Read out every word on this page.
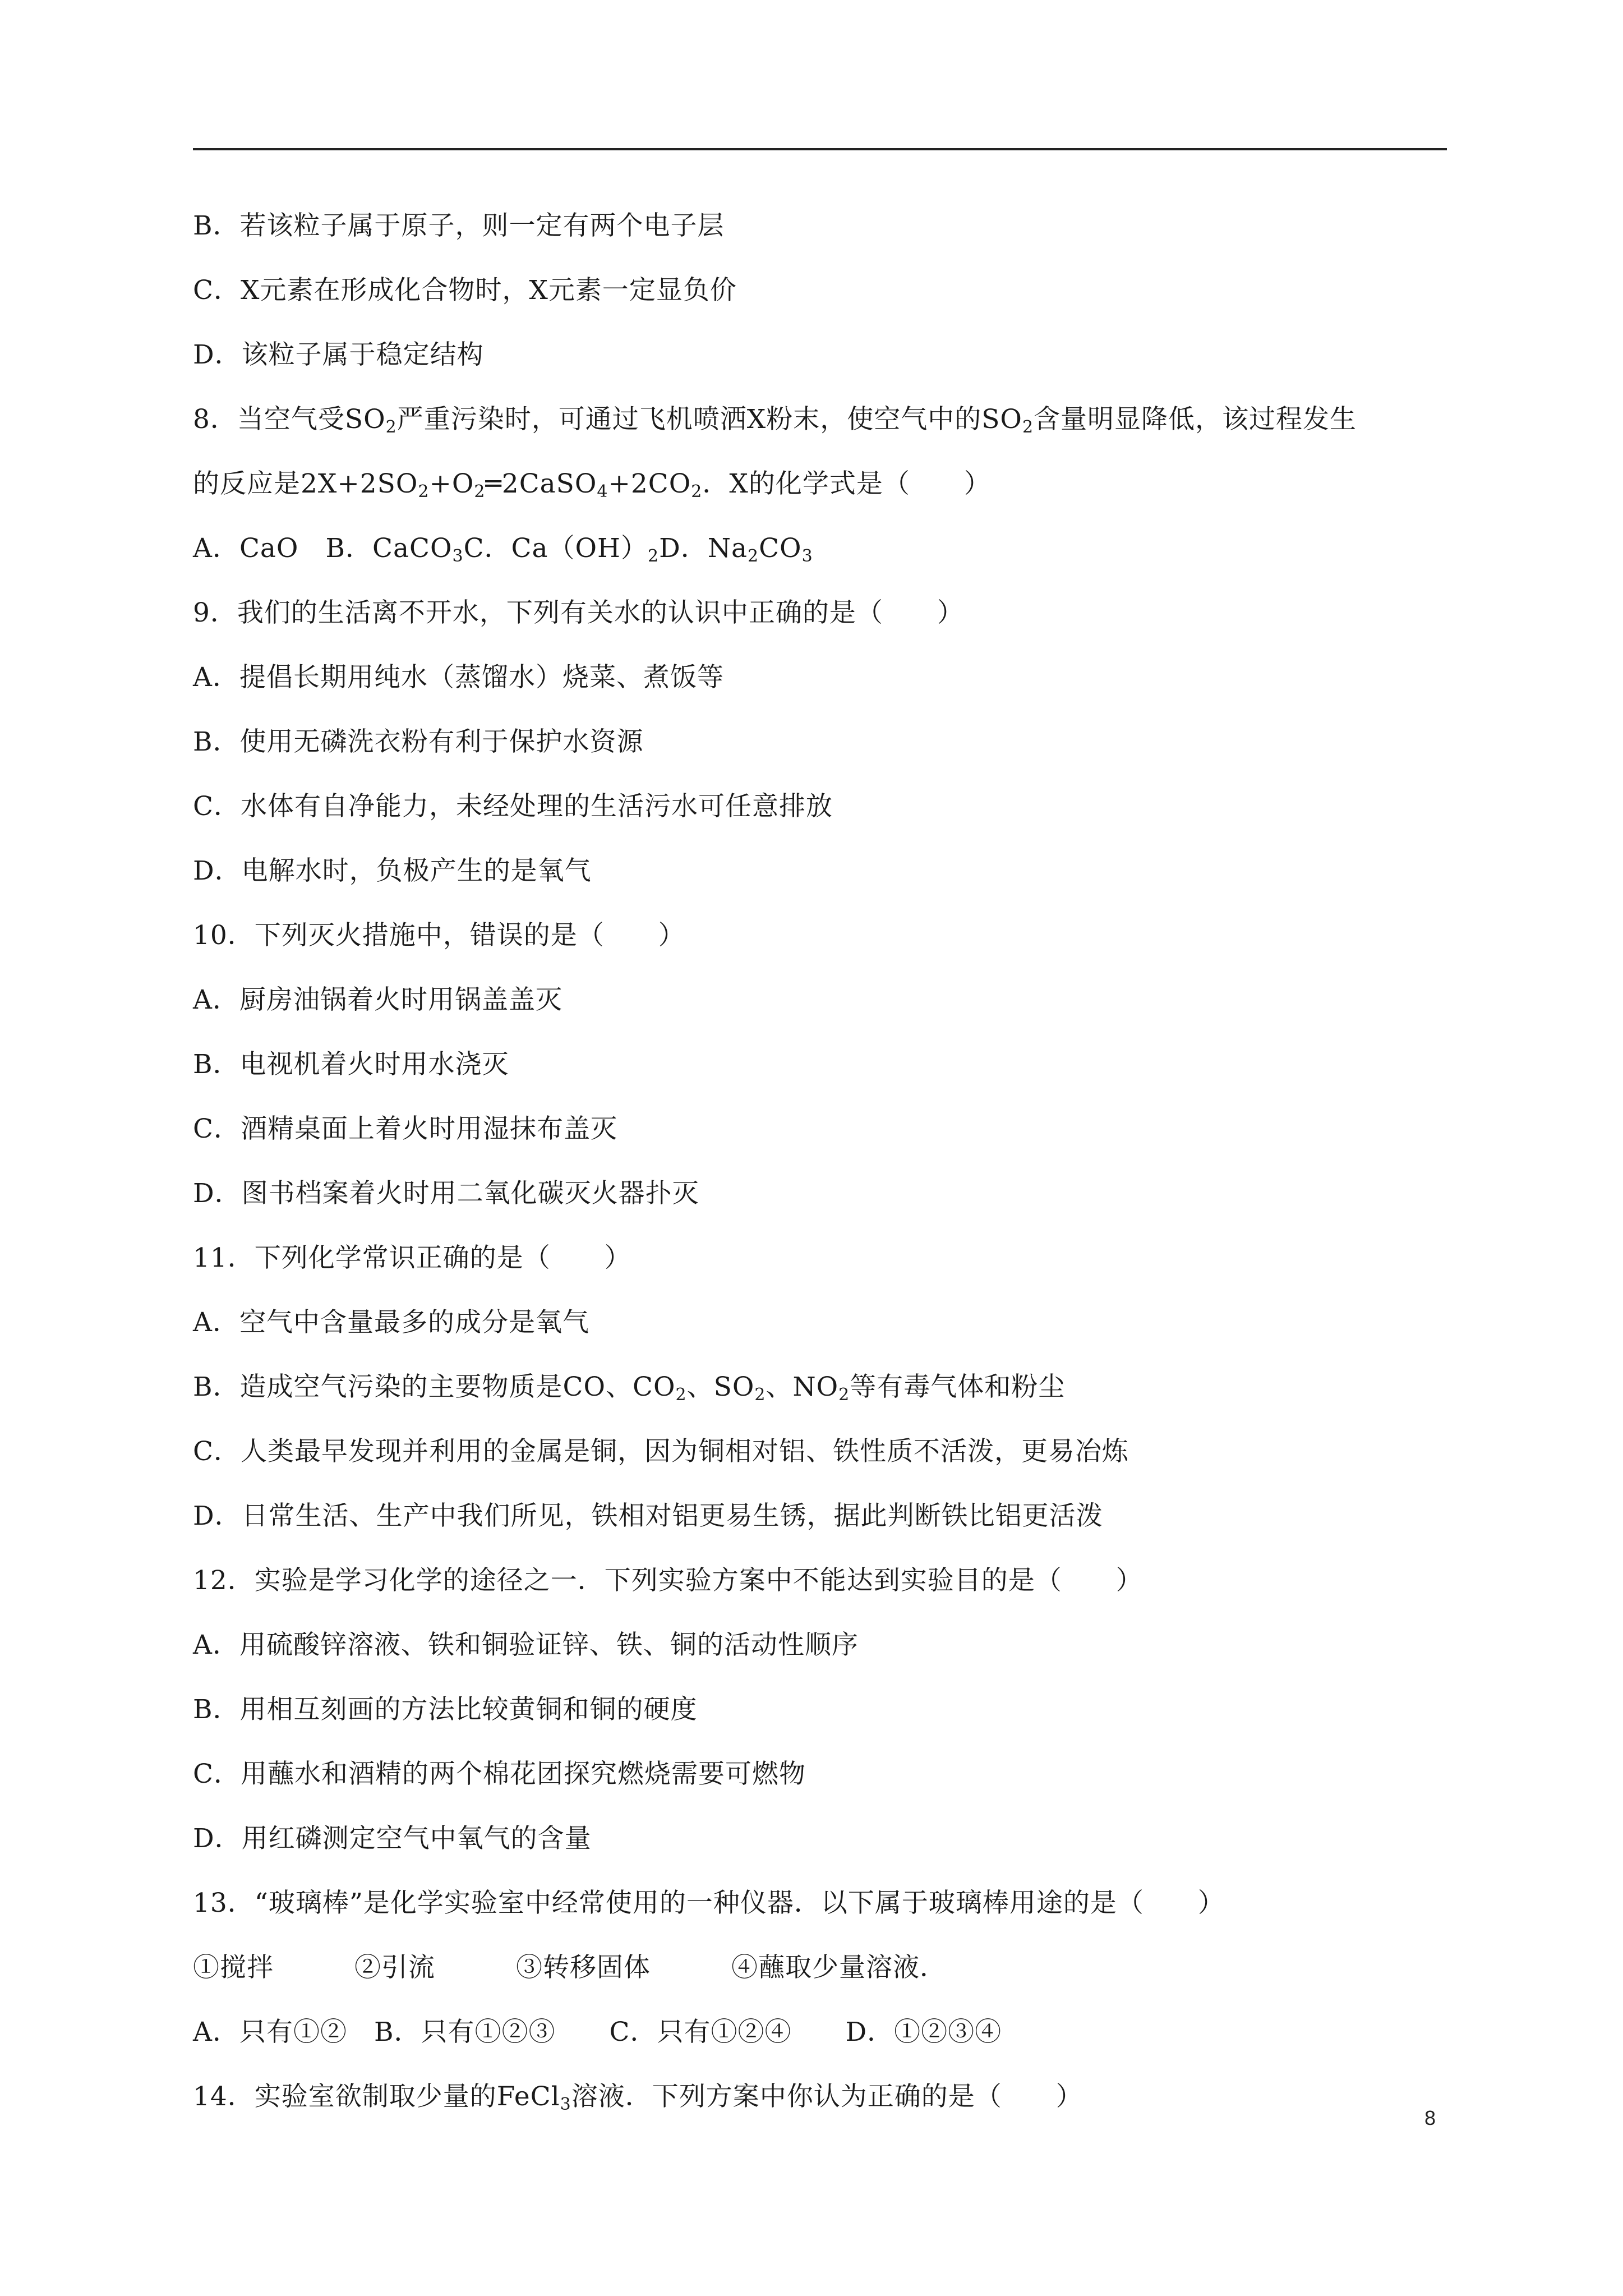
B．若该粒子属于原子，则一定有两个电子层
C．X元素在形成化合物时，X元素一定显负价
D．该粒子属于稳定结构
8．当空气受$SO_2$严重污染时，可通过飞机喷洒X粉末，使空气中的$SO_2$含量明显降低，该过程发生
的反应是$2X+2SO_2+O_2═2CaSO_4+2CO_2$．X的化学式是（　　）
A．CaO　B．CaCO$_3$C．$Ca(OH)_2D$．$Na_2CO_3$
9．我们的生活离不开水，下列有关水的认识中正确的是（　　）
A．提倡长期用纯水（蒸馏水）烧菜、煮饭等
B．使用无磷洗衣粉有利于保护水资源
C．水体有自净能力，未经处理的生活污水可任意排放
D．电解水时，负极产生的是氧气
10．下列灭火措施中，错误的是（　　）
A．厨房油锅着火时用锅盖盖灭
B．电视机着火时用水浇灭
C．酒精桌面上着火时用湿抹布盖灭
D．图书档案着火时用二氧化碳灭火器扑灭
11．下列化学常识正确的是（　　）
A．空气中含量最多的成分是氧气
B．造成空气污染的主要物质是CO、$CO_2$、$SO_2$、$NO_2$等有毒气体和粉尘
C．人类最早发现并利用的金属是铜，因为铜相对铝、铁性质不活泼，更易冶炼
D．日常生活、生产中我们所见，铁相对铝更易生锈，据此判断铁比铝更活泼
12．实验是学习化学的途径之一．下列实验方案中不能达到实验目的是（　　）
A．用硫酸锌溶液、铁和铜验证锌、铁、铜的活动性顺序
B．用相互刻画的方法比较黄铜和铜的硬度
C．用蘸水和酒精的两个棉花团探究燃烧需要可燃物
D．用红磷测定空气中氧气的含量
13．“玻璃棒”是化学实验室中经常使用的一种仪器．以下属于玻璃棒用途的是（　　）
①搅拌　　　②引流　　　③转移固体　　　④蘸取少量溶液．
A．只有①②　B．只有①②③　　C．只有①②④　　D．①②③④
14．实验室欲制取少量的FeCl$_3$溶液．下列方案中你认为正确的是（　　）
8
